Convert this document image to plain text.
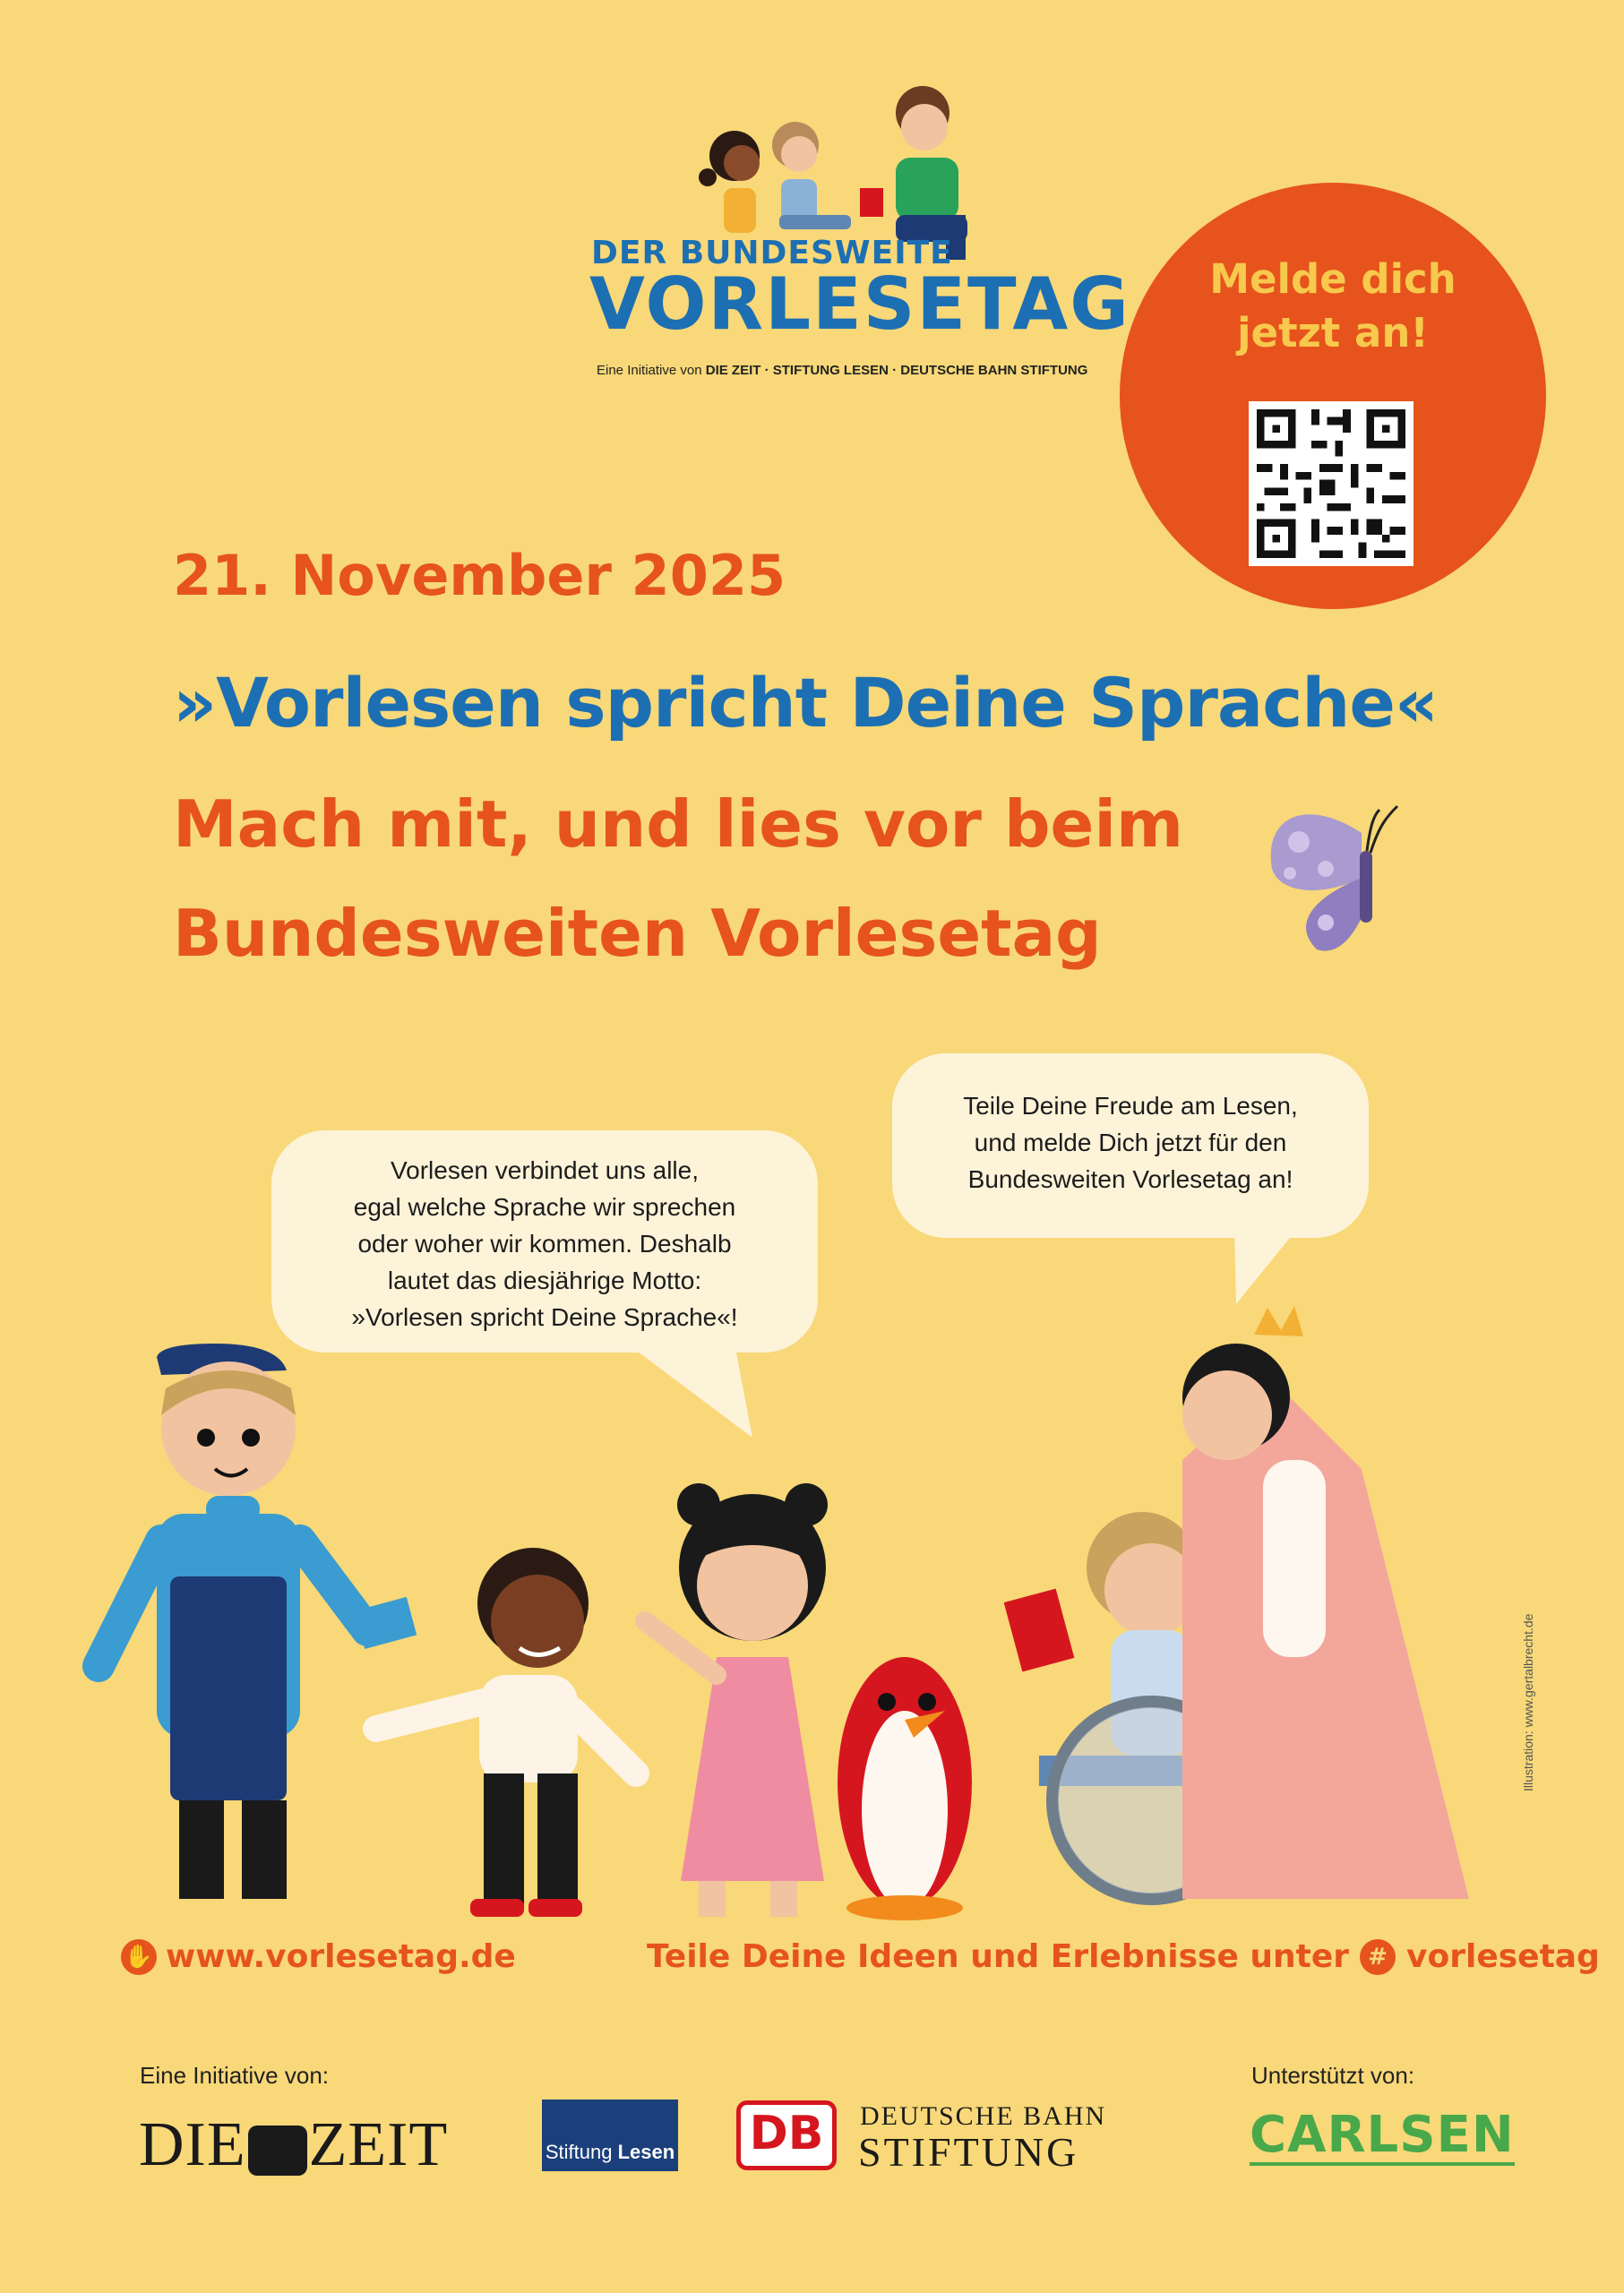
DER BUNDESWEITE
VORLESETAG
Eine Initiative von DIE ZEIT · STIFTUNG LESEN · DEUTSCHE BAHN STIFTUNG
Melde dich
jetzt an!
21. November 2025
»Vorlesen spricht Deine Sprache«
Mach mit, und lies vor beim
Bundesweiten Vorlesetag
Vorlesen verbindet uns alle,
egal welche Sprache wir sprechen
oder woher wir kommen. Deshalb
lautet das diesjährige Motto:
»Vorlesen spricht Deine Sprache«!
Teile Deine Freude am Lesen,
und melde Dich jetzt für den
Bundesweiten Vorlesetag an!
Illustration: www.gertalbrecht.de
✋ www.vorlesetag.de	Teile Deine Ideen und Erlebnisse unter # vorlesetag
Eine Initiative von:	Unterstützt von:
DIE ZEIT	Stiftung Lesen DB	DEUTSCHE BAHN
STIFTUNG	CARLSEN
